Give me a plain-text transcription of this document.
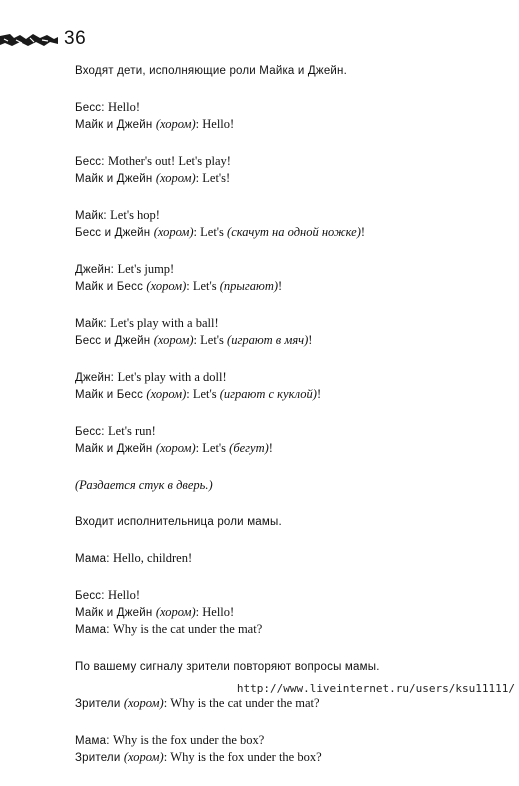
36
Входят дети, исполняющие роли Майка и Джейн.
Бесс: Hello!
Майк и Джейн (хором): Hello!
Бесс: Mother's out! Let's play!
Майк и Джейн (хором): Let's!
Майк: Let's hop!
Бесс и Джейн (хором): Let's (скачут на одной ножке)!
Джейн: Let's jump!
Майк и Бесс (хором): Let's (прыгают)!
Майк: Let's play with a ball!
Бесс и Джейн (хором): Let's (играют в мяч)!
Джейн: Let's play with a doll!
Майк и Бесс (хором): Let's (играют с куклой)!
Бесс: Let's run!
Майк и Джейн (хором): Let's (бегут)!
(Раздается стук в дверь.)
Входит исполнительница роли мамы.
Мама: Hello, children!
Бесс: Hello!
Майк и Джейн (хором): Hello!
Мама: Why is the cat under the mat?
По вашему сигналу зрители повторяют вопросы мамы.
Зрители (хором): Why is the cat under the mat?
Мама: Why is the fox under the box?
Зрители (хором): Why is the fox under the box?
http://www.liveinternet.ru/users/ksu11111/
